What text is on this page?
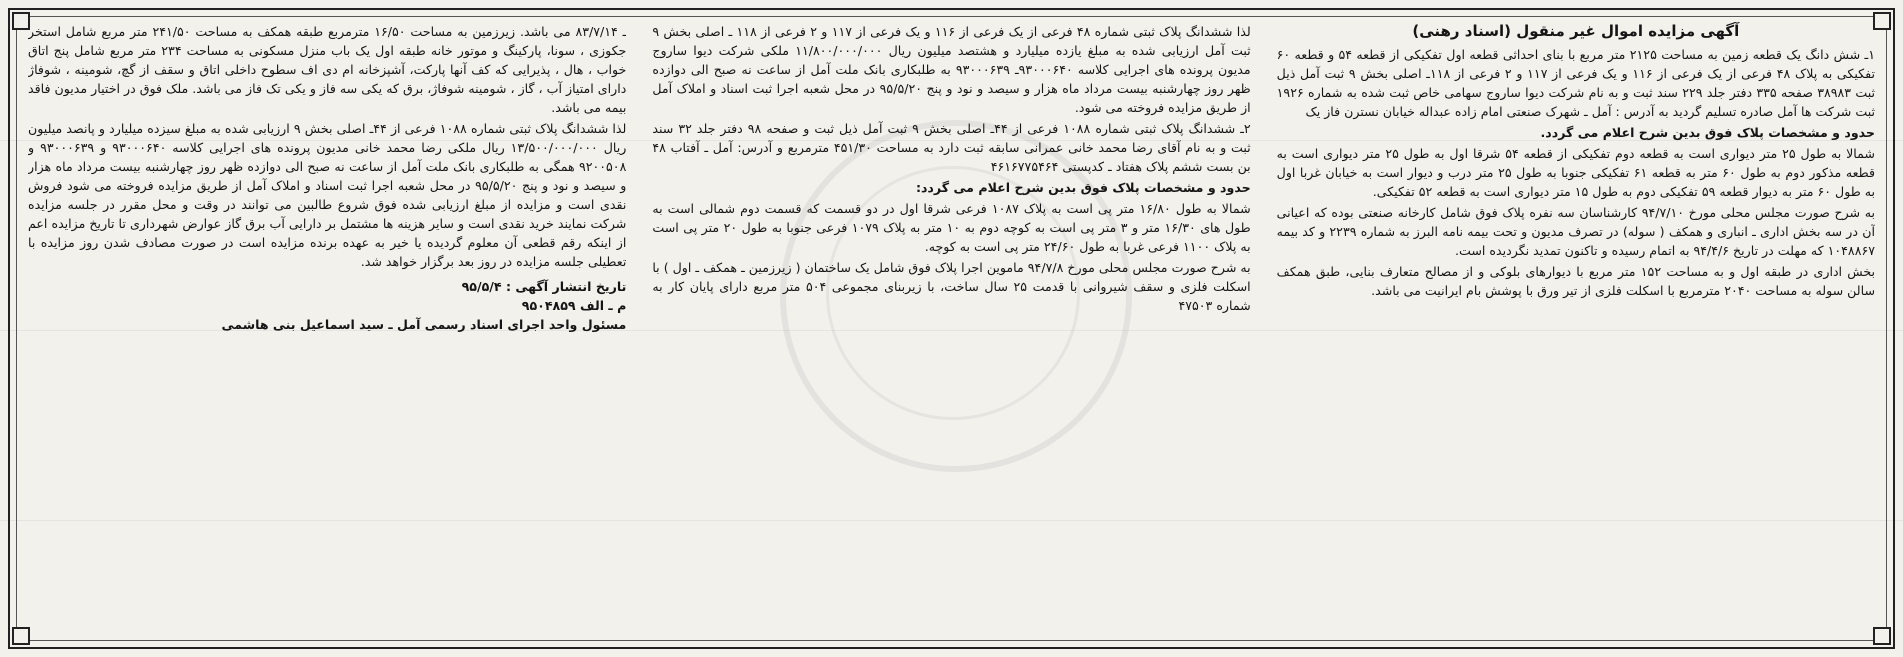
آگهی مزایده اموال غیر منقول (اسناد رهنی)

۱ـ شش دانگ یک قطعه زمین به مساحت ۲۱۲۵ متر مربع با بنای احداثی قطعه اول تفکیکی از قطعه ۵۴ و قطعه ۶۰ تفکیکی به پلاک ۴۸ فرعی از یک فرعی از ۱۱۶ و یک فرعی از ۱۱۷ و ۲ فرعی از ۱۱۸ـ اصلی بخش ۹ ثبت آمل ذیل ثبت ۳۸۹۸۳ صفحه ۳۳۵ دفتر جلد ۲۲۹ سند ثبت و به نام شرکت دیوا ساروج سهامی خاص ثبت شده به شماره ۱۹۲۶ ثبت شرکت ها آمل صادره تسلیم گردید به آدرس : آمل ـ شهرک صنعتی امام زاده عبداله خیابان نسترن فاز یک

حدود و مشخصات پلاک فوق بدین شرح اعلام می گردد.

شمالا به طول ۲۵ متر دیواری است به قطعه دوم تفکیکی از قطعه ۵۴ شرقا اول به طول ۲۵ متر دیواری است به قطعه مذکور دوم به طول ۶۰ متر به قطعه ۶۱ تفکیکی جنوبا به طول ۲۵ متر درب و دیوار است به خیابان غربا اول به طول ۶۰ متر به دیوار قطعه ۵۹ تفکیکی دوم به طول ۱۵ متر دیواری است به قطعه ۵۲ تفکیکی.

به شرح صورت مجلس محلی مورخ ۹۴/۷/۱۰ کارشناسان سه نفره پلاک فوق شامل کارخانه صنعتی بوده که اعیانی آن در سه بخش اداری ـ انباری و همکف ( سوله) در تصرف مدیون و تحت بیمه نامه البرز به شماره ۲۲۳۹ و کد بیمه ۱۰۴۸۸۶۷ که مهلت در تاریخ ۹۴/۴/۶ به اتمام رسیده و تاکنون تمدید نگردیده است.

بخش اداری در طبقه اول و به مساحت ۱۵۲ متر مربع با دیوارهای بلوکی و از مصالح متعارف بنایی، طبق همکف سالن سوله به مساحت ۲۰۴۰ مترمربع با اسکلت فلزی از تیر ورق با پوشش بام ایرانیت می باشد.

لذا ششدانگ پلاک ثبتی شماره ۴۸ فرعی از یک فرعی از ۱۱۶ و یک فرعی از ۱۱۷ و ۲ فرعی از ۱۱۸ ـ اصلی بخش ۹ ثبت آمل ارزیابی شده به مبلغ یازده میلیارد و هشتصد میلیون ریال ۱۱/۸۰۰/۰۰۰/۰۰۰ ملکی شرکت دیوا ساروج مدیون پرونده های اجرایی کلاسه ۹۳۰۰۰۶۴۰ـ ۹۳۰۰۰۶۳۹ به طلبکاری بانک ملت آمل از ساعت نه صبح الی دوازده ظهر روز چهارشنبه بیست مرداد ماه هزار و سیصد و نود و پنج ۹۵/۵/۲۰ در محل شعبه اجرا ثبت اسناد و املاک آمل از طریق مزایده فروخته می شود.

۲ـ ششدانگ پلاک ثبتی شماره ۱۰۸۸ فرعی از ۴۴ـ اصلی بخش ۹ ثبت آمل ذیل ثبت و صفحه ۹۸ دفتر جلد ۳۲ سند ثبت و به نام آقای رضا محمد خانی عمرانی سابقه ثبت دارد به مساحت ۴۵۱/۳۰ مترمربع و آدرس: آمل ـ آفتاب ۴۸ بن بست ششم پلاک هفتاد ـ کدپستی ۴۶۱۶۷۷۵۴۶۴

حدود و مشخصات پلاک فوق بدین شرح اعلام می گردد:

شمالا به طول ۱۶/۸۰ متر پی است به پلاک ۱۰۸۷ فرعی شرقا اول در دو قسمت که قسمت دوم شمالی است به طول های ۱۶/۳۰ متر و ۳ متر پی است به کوچه دوم به ۱۰ متر به پلاک ۱۰۷۹ فرعی جنوبا به طول ۲۰ متر پی است به پلاک ۱۱۰۰ فرعی غربا به طول ۲۴/۶۰ متر پی است به کوچه.

به شرح صورت مجلس محلی مورخ ۹۴/۷/۸ ماموین اجرا پلاک فوق شامل یک ساختمان ( زیرزمین ـ همکف ـ اول ) با اسکلت فلزی و سقف شیروانی با قدمت ۲۵ سال ساخت، با زیربنای مجموعی ۵۰۴ متر مربع دارای پایان کار به شماره ۴۷۵۰۳

ـ ۸۳/۷/۱۴ می باشد. زیرزمین به مساحت ۱۶/۵۰ مترمربع طبقه همکف به مساحت ۲۴۱/۵۰ متر مربع شامل استخر جکوزی ، سونا، پارکینگ و موتور خانه طبقه اول یک باب منزل مسکونی به مساحت ۲۳۴ متر مربع شامل پنج اتاق خواب ، هال ، پذیرایی که کف آنها پارکت، آشپزخانه ام دی اف سطوح داخلی اتاق و سقف از گچ، شومینه ، شوفاژ دارای امتیاز آب ، گاز ، شومینه شوفاژ، برق که یکی سه فاز و یکی تک فاز می باشد. ملک فوق در اختیار مدیون فاقد بیمه می باشد.

لذا ششدانگ پلاک ثبتی شماره ۱۰۸۸ فرعی از ۴۴ـ اصلی بخش ۹ ارزیابی شده به مبلغ سیزده میلیارد و پانصد میلیون ریال ۱۳/۵۰۰/۰۰۰/۰۰۰ ریال ملکی رضا محمد خانی مدیون پرونده های اجرایی کلاسه ۹۳۰۰۰۶۴۰ و ۹۳۰۰۰۶۳۹ و ۹۲۰۰۵۰۸ همگی به طلبکاری بانک ملت آمل از ساعت نه صبح الی دوازده ظهر روز چهارشنبه بیست مرداد ماه هزار و سیصد و نود و پنج ۹۵/۵/۲۰ در محل شعبه اجرا ثبت اسناد و املاک آمل از طریق مزایده فروخته می شود فروش نقدی است و مزایده از مبلغ ارزیابی شده فوق شروع طالبین می توانند در وقت و محل مقرر در جلسه مزایده شرکت نمایند خرید نقدی است و سایر هزینه ها مشتمل بر دارایی آب برق گاز عوارض شهرداری تا تاریخ مزایده اعم از اینکه رقم قطعی آن معلوم گردیده یا خیر به عهده برنده مزایده است در صورت مصادف شدن روز مزایده با تعطیلی جلسه مزایده در روز بعد برگزار خواهد شد.

تاریخ انتشار آگهی : ۹۵/۵/۴

م ـ الف ۹۵۰۴۸۵۹

مسئول واحد اجرای اسناد رسمی آمل ـ سید اسماعیل بنی هاشمی
